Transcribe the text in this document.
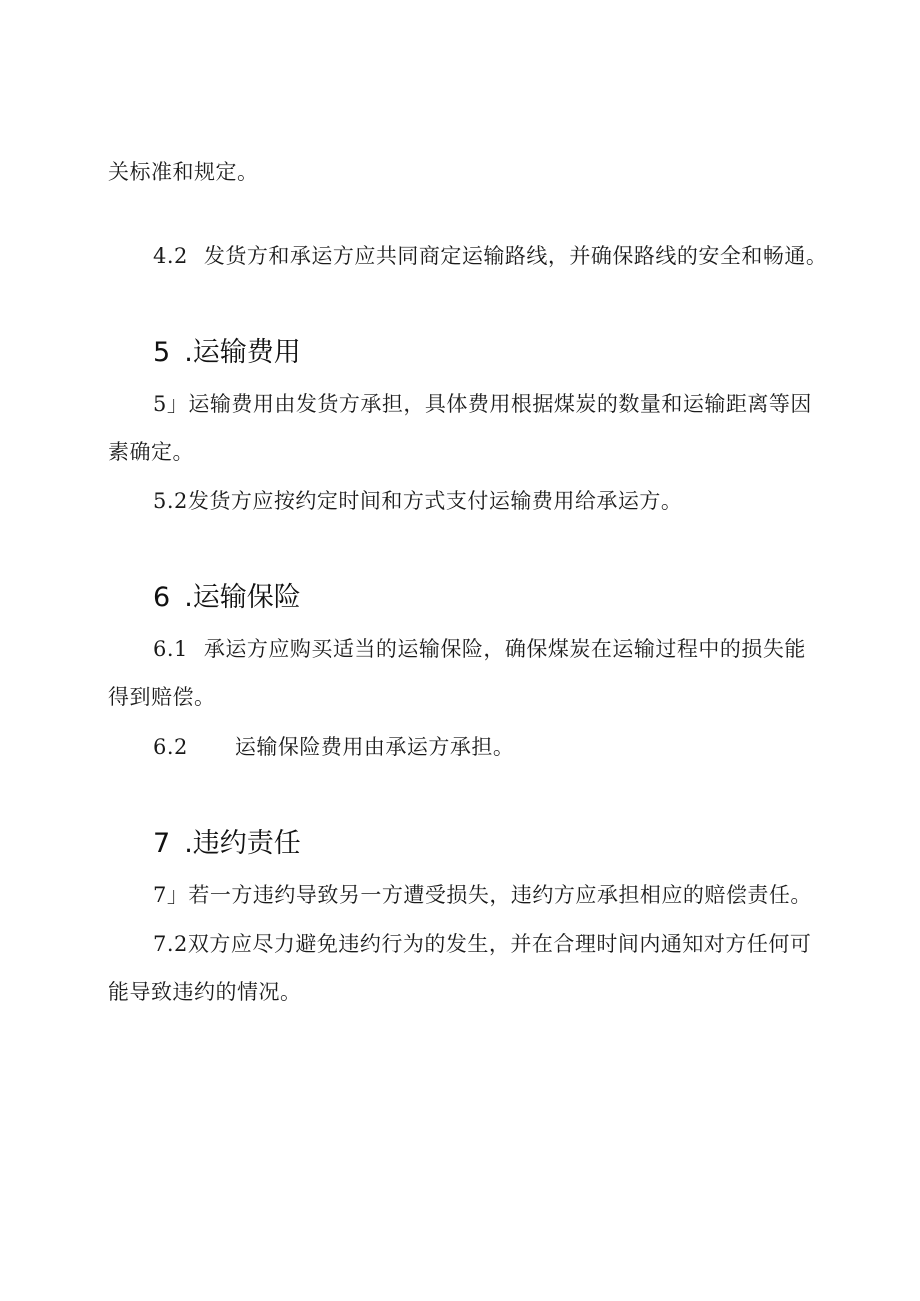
关标准和规定。
4.2 发货方和承运方应共同商定运输路线，并确保路线的安全和畅通。
5 .运输费用
5」运输费用由发货方承担，具体费用根据煤炭的数量和运输距离等因
素确定。
5.2发货方应按约定时间和方式支付运输费用给承运方。
6 .运输保险
6.1 承运方应购买适当的运输保险，确保煤炭在运输过程中的损失能
得到赔偿。
6.2 运输保险费用由承运方承担。
7 .违约责任
7」若一方违约导致另一方遭受损失，违约方应承担相应的赔偿责任。
7.2双方应尽力避免违约行为的发生，并在合理时间内通知对方任何可
能导致违约的情况。
